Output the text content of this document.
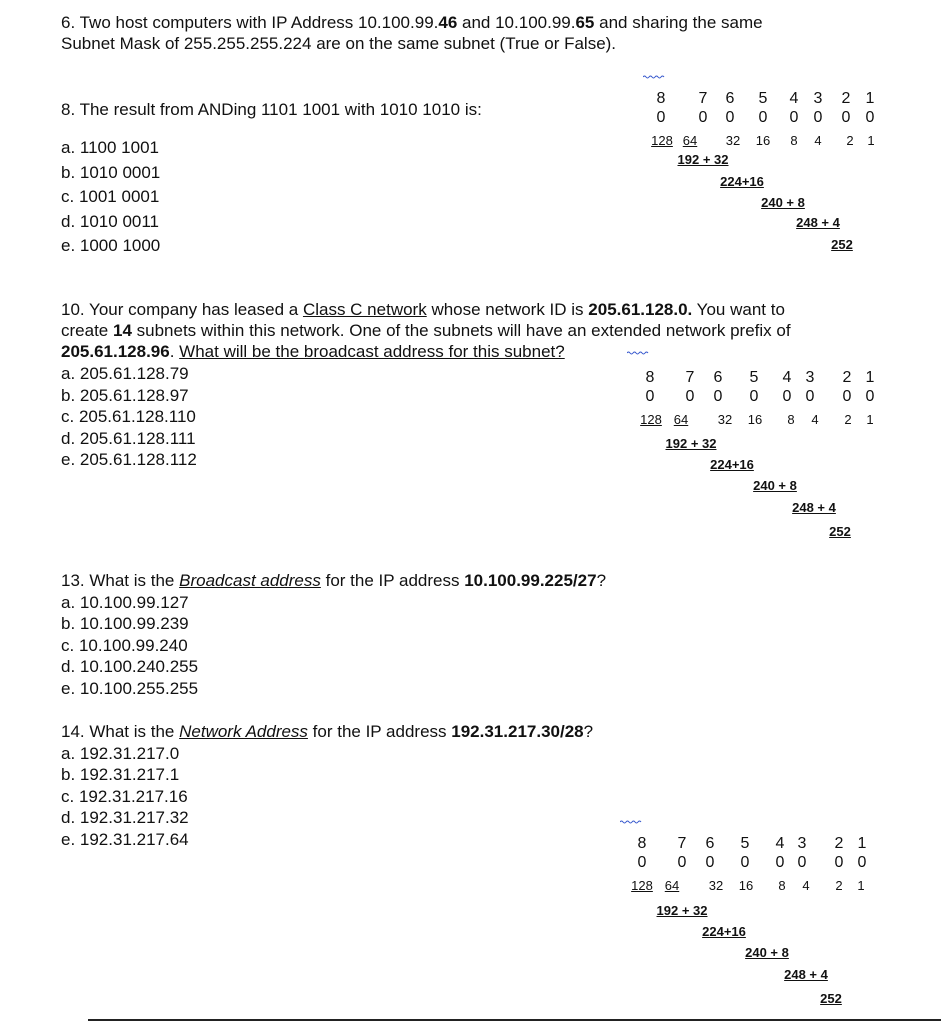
6. Two host computers with IP Address 10.100.99.46 and 10.100.99.65 and sharing the same

Subnet Mask of 255.255.255.224 are on the same subnet (True or False).

8. The result from ANDing 1101 1001 with 1010 1010 is:

a. 1100 1001

b. 1010 0001

c. 1001 0001

d. 1010 0011

e. 1000 1000

10. Your company has leased a Class C network whose network ID is 205.61.128.0. You want to

create 14 subnets within this network. One of the subnets will have an extended network prefix of

205.61.128.96. What will be the broadcast address for this subnet?

a. 205.61.128.79

b. 205.61.128.97

c. 205.61.128.110

d. 205.61.128.111

e. 205.61.128.112

13. What is the Broadcast address for the IP address 10.100.99.225/27?

a. 10.100.99.127

b. 10.100.99.239

c. 10.100.99.240

d. 10.100.240.255

e. 10.100.255.255

14. What is the Network Address for the IP address 192.31.217.30/28?

a. 192.31.217.0

b. 192.31.217.1

c. 192.31.217.16

d. 192.31.217.32

e. 192.31.217.64

8 7 6 5 4 3 2 1
0 0 0 0 0 0 0 0
128 64 32 16 8 4 2 1
192 + 32
224+16
240 + 8
248 + 4
252
8 7 6 5 4 3 2 1
0 0 0 0 0 0 0 0
128 64 32 16 8 4 2 1
192 + 32
224+16
240 + 8
248 + 4
252
8 7 6 5 4 3 2 1
0 0 0 0 0 0 0 0
128 64 32 16 8 4 2 1
192 + 32
224+16
240 + 8
248 + 4
252
